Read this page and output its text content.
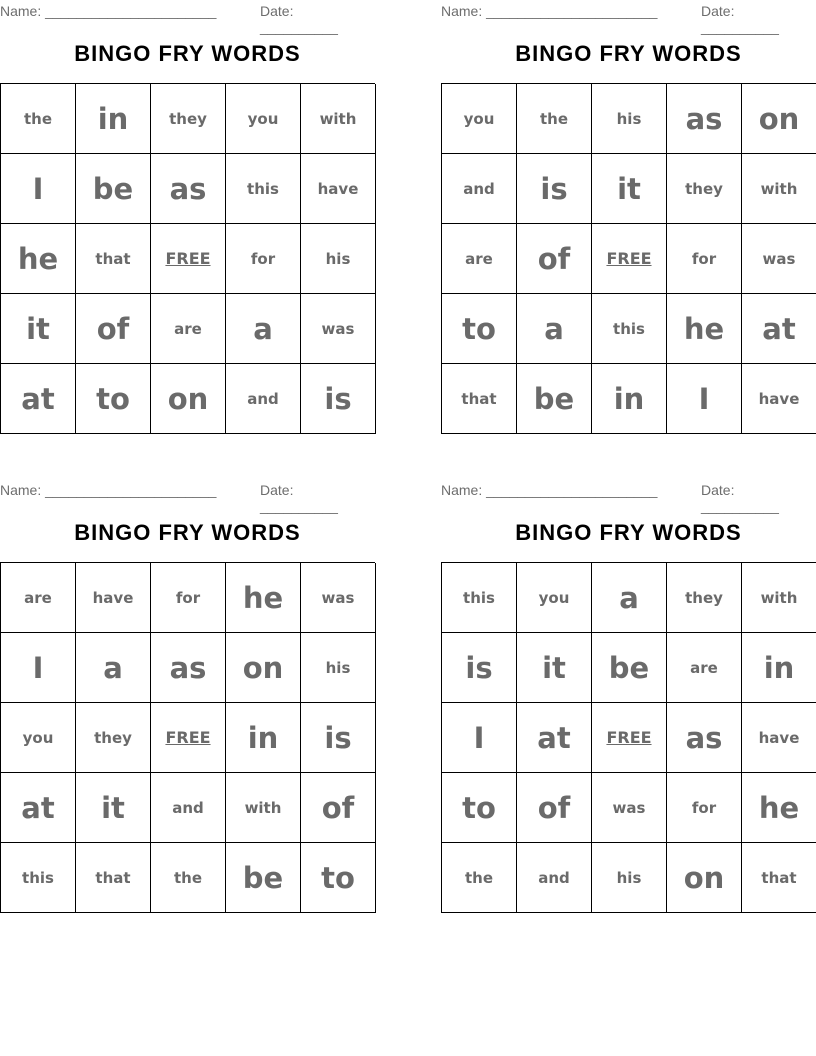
Name: ______________________	Date: __________
BINGO FRY WORDS
the	in	they	you	with
I	be	as	this	have
he	that	FREE	for	his
it	of	are	a	was
at	to	on	and	is
Name: ______________________	Date: __________
BINGO FRY WORDS
you	the	his	as	on
and	is	it	they	with
are	of	FREE	for	was
to	a	this	he	at
that	be	in	I	have
Name: ______________________	Date: __________
BINGO FRY WORDS
are	have	for	he	was
I	a	as	on	his
you	they	FREE	in	is
at	it	and	with	of
this	that	the	be	to
Name: ______________________	Date: __________
BINGO FRY WORDS
this	you	a	they	with
is	it	be	are	in
I	at	FREE	as	have
to	of	was	for	he
the	and	his	on	that
